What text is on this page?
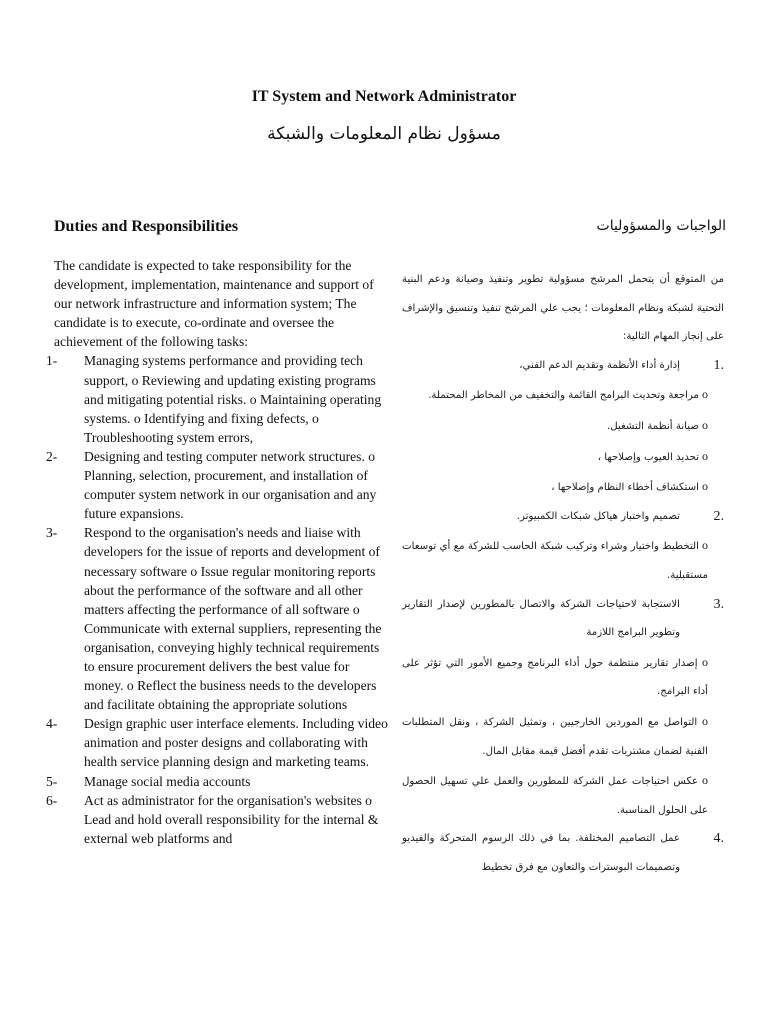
IT System and Network Administrator
مسؤول نظام المعلومات والشبكة
Duties and Responsibilities	الواجبات والمسؤوليات

The candidate is expected to take responsibility for the development, implementation, maintenance and support of our network infrastructure and information system; The candidate is to execute, co-ordinate and oversee the achievement of the following tasks:

1-	Managing systems performance and providing tech support, o Reviewing and updating existing programs and mitigating potential risks. o Maintaining operating systems. o Identifying and fixing defects, o Troubleshooting system errors,
2-	Designing and testing computer network structures. o Planning, selection, procurement, and installation of computer system network in our organisation and any future expansions.
3-	Respond to the organisation's needs and liaise with developers for the issue of reports and development of necessary software o Issue regular monitoring reports about the performance of the software and all other matters affecting the performance of all software o Communicate with external suppliers, representing the organisation, conveying highly technical requirements to ensure procurement delivers the best value for money. o Reflect the business needs to the developers and facilitate obtaining the appropriate solutions
4-	Design graphic user interface elements. Including video animation and poster designs and collaborating with health service planning design and marketing teams.
5-	Manage social media accounts
6-	Act as administrator for the organisation's websites o Lead and hold overall responsibility for the internal & external web platforms and

من المتوقع أن يتحمل المرشح مسؤولية تطوير وتنفيذ وصيانة ودعم البنية التحتية لشبكة ونظام المعلومات ؛ يجب علي المرشح تنفيذ وتنسيق والإشراف على إنجاز المهام التالية:

.1
إدارة أداء الأنظمة وتقديم الدعم الفني،
o مراجعة وتحديث البرامج القائمة والتخفيف من المخاطر المحتملة.
o صيانة أنظمة التشغيل.
o تحديد العيوب وإصلاحها ،
o استكشاف أخطاء النظام وإصلاحها ،
.2
تصميم واختبار هياكل شبكات الكمبيوتر.
o التخطيط واختيار وشراء وتركيب شبكة الحاسب للشركة مع أي توسعات مستقبلية.
.3
الاستجابة لاحتياجات الشركة والاتصال بالمطورين لإصدار التقارير وتطوير البرامج اللازمة
o إصدار تقارير منتظمة حول أداء البرنامج وجميع الأمور التي تؤثر على أداء البرامج.
o التواصل مع الموردين الخارجيين ، وتمثيل الشركة ، ونقل المتطلبات الفنية لضمان مشتريات تقدم أفضل قيمة مقابل المال.
o عكس احتياجات عمل الشركة للمطورين والعمل علي تسهيل الحصول على الحلول المناسبة.
.4
عمل التصاميم المختلفة. بما في ذلك الرسوم المتحركة والفيديو وتصميمات البوسترات والتعاون مع فرق تخطيط
